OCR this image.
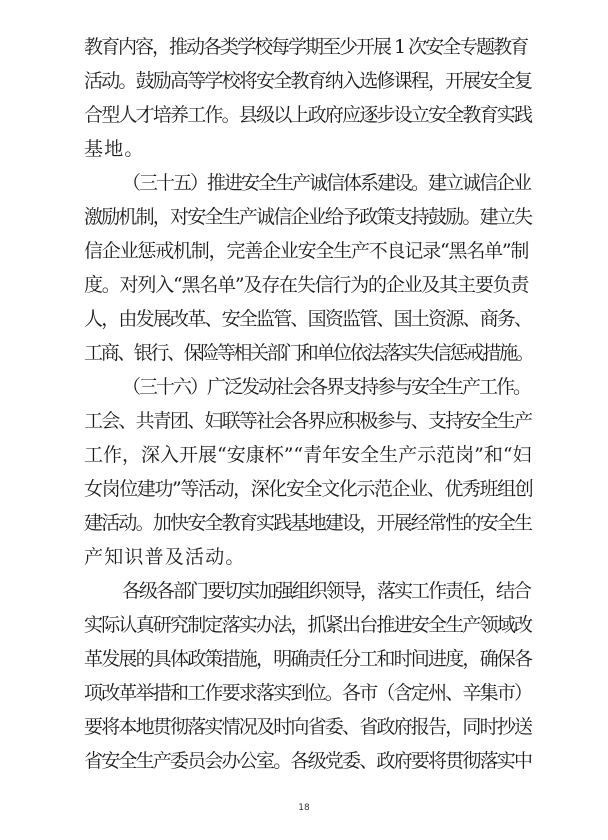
教育内容，推动各类学校每学期至少开展 1 次安全专题教育
活动。鼓励高等学校将安全教育纳入选修课程，开展安全复
合型人才培养工作。县级以上政府应逐步设立安全教育实践
基地。
（三十五）推进安全生产诚信体系建设。建立诚信企业
激励机制，对安全生产诚信企业给予政策支持鼓励。建立失
信企业惩戒机制，完善企业安全生产不良记录“黑名单”制
度。对列入“黑名单”及存在失信行为的企业及其主要负责
人，由发展改革、安全监管、国资监管、国土资源、商务、
工商、银行、保险等相关部门和单位依法落实失信惩戒措施。
（三十六）广泛发动社会各界支持参与安全生产工作。
工会、共青团、妇联等社会各界应积极参与、支持安全生产
工作，深入开展“安康杯”“青年安全生产示范岗”和“妇
女岗位建功”等活动，深化安全文化示范企业、优秀班组创
建活动。加快安全教育实践基地建设，开展经常性的安全生
产知识普及活动。
各级各部门要切实加强组织领导，落实工作责任，结合
实际认真研究制定落实办法，抓紧出台推进安全生产领域改
革发展的具体政策措施，明确责任分工和时间进度，确保各
项改革举措和工作要求落实到位。各市（含定州、辛集市）
要将本地贯彻落实情况及时向省委、省政府报告，同时抄送
省安全生产委员会办公室。各级党委、政府要将贯彻落实中
18
